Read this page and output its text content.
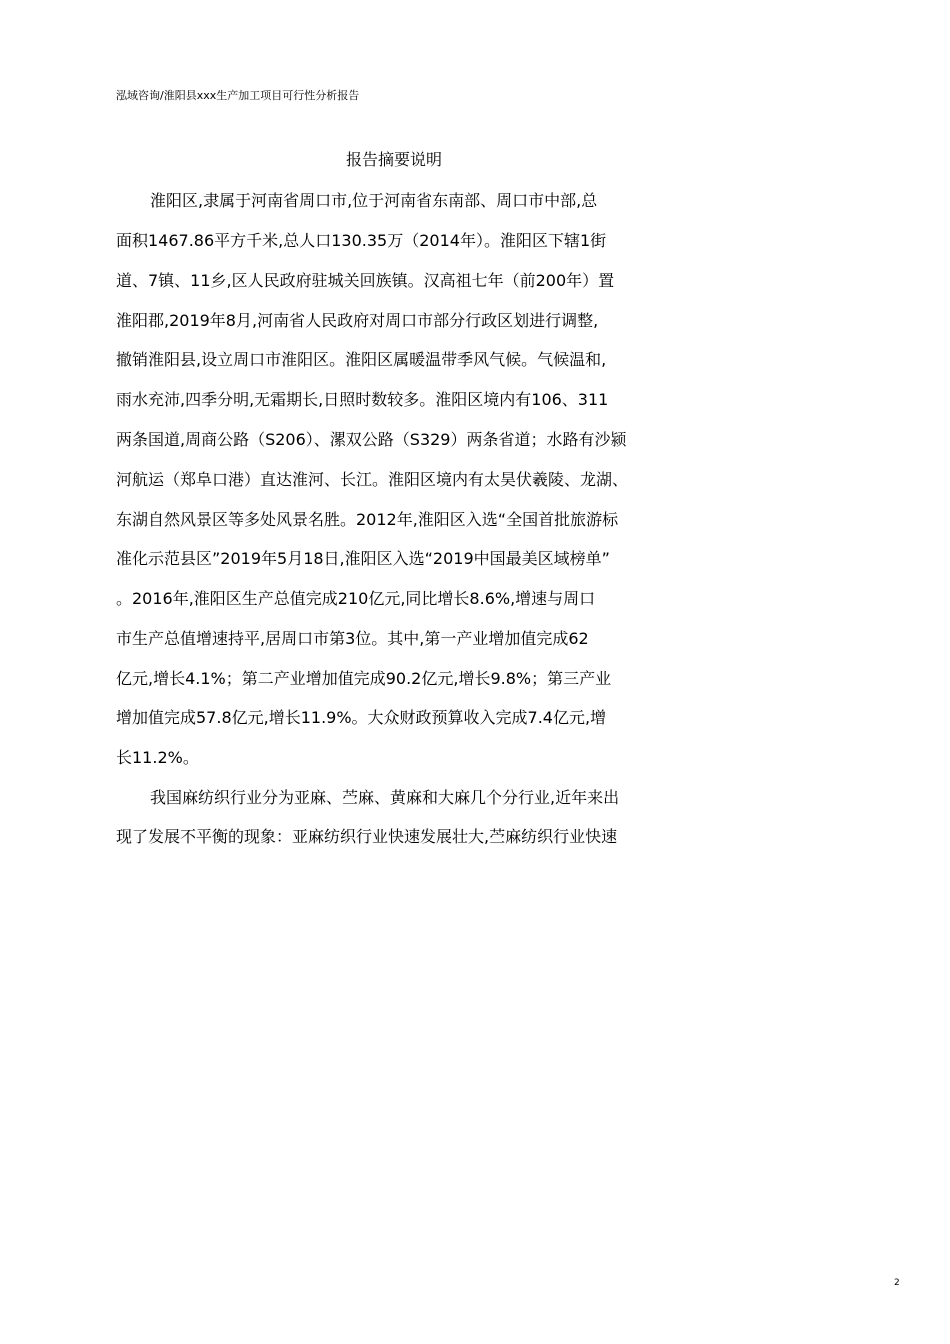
泓域咨询/淮阳县xxx生产加工项目可行性分析报告
报告摘要说明
淮阳区,隶属于河南省周口市,位于河南省东南部、周口市中部,总
面积1467.86平方千米,总人口130.35万（2014年）。淮阳区下辖1街
道、7镇、11乡,区人民政府驻城关回族镇。汉高祖七年（前200年）置
淮阳郡,2019年8月,河南省人民政府对周口市部分行政区划进行调整,
撤销淮阳县,设立周口市淮阳区。淮阳区属暖温带季风气候。气候温和,
雨水充沛,四季分明,无霜期长,日照时数较多。淮阳区境内有106、311
两条国道,周商公路（S206）、漯双公路（S329）两条省道；水路有沙颍
河航运（郑阜口港）直达淮河、长江。淮阳区境内有太昊伏羲陵、龙湖、
东湖自然风景区等多处风景名胜。2012年,淮阳区入选“全国首批旅游标
准化示范县区”2019年5月18日,淮阳区入选“2019中国最美区域榜单”
。2016年,淮阳区生产总值完成210亿元,同比增长8.6%,增速与周口
市生产总值增速持平,居周口市第3位。其中,第一产业增加值完成62
亿元,增长4.1%；第二产业增加值完成90.2亿元,增长9.8%；第三产业
增加值完成57.8亿元,增长11.9%。大众财政预算收入完成7.4亿元,增
长11.2%。
我国麻纺织行业分为亚麻、苎麻、黄麻和大麻几个分行业,近年来出
现了发展不平衡的现象：亚麻纺织行业快速发展壮大,苎麻纺织行业快速
2
